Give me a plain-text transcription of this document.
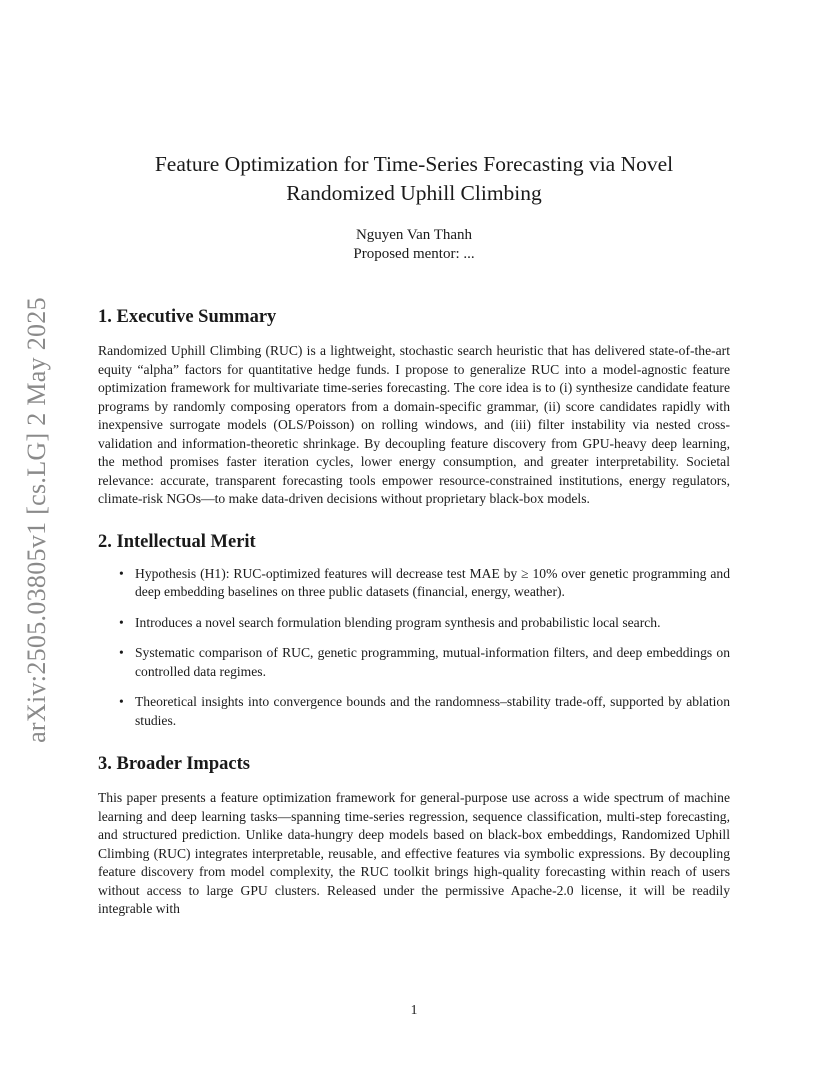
arXiv:2505.03805v1 [cs.LG] 2 May 2025
Feature Optimization for Time-Series Forecasting via Novel
Randomized Uphill Climbing
Nguyen Van Thanh
Proposed mentor: ...
1. Executive Summary

Randomized Uphill Climbing (RUC) is a lightweight, stochastic search heuristic that has delivered state-of-the-art equity “alpha” factors for quantitative hedge funds. I propose to generalize RUC into a model-agnostic feature optimization framework for multivariate time-series forecasting. The core idea is to (i) synthesize candidate feature programs by randomly composing operators from a domain-specific grammar, (ii) score candidates rapidly with inexpensive surrogate models (OLS/Poisson) on rolling windows, and (iii) filter instability via nested cross-validation and information-theoretic shrinkage. By decoupling feature discovery from GPU-heavy deep learning, the method promises faster iteration cycles, lower energy consumption, and greater interpretability. Societal relevance: accurate, transparent forecasting tools empower resource-constrained institutions, energy regulators, climate-risk NGOs—to make data-driven decisions without proprietary black-box models.

2. Intellectual Merit
• Hypothesis (H1): RUC-optimized features will decrease test MAE by ≥ 10% over genetic programming and deep embedding baselines on three public datasets (financial, energy, weather).
• Introduces a novel search formulation blending program synthesis and probabilistic local search.
• Systematic comparison of RUC, genetic programming, mutual-information filters, and deep embeddings on controlled data regimes.
• Theoretical insights into convergence bounds and the randomness–stability trade-off, supported by ablation studies.
3. Broader Impacts

This paper presents a feature optimization framework for general-purpose use across a wide spectrum of machine learning and deep learning tasks—spanning time-series regression, sequence classification, multi-step forecasting, and structured prediction. Unlike data-hungry deep models based on black-box embeddings, Randomized Uphill Climbing (RUC) integrates interpretable, reusable, and effective features via symbolic expressions. By decoupling feature discovery from model complexity, the RUC toolkit brings high-quality forecasting within reach of users without access to large GPU clusters. Released under the permissive Apache-2.0 license, it will be readily integrable with

1
